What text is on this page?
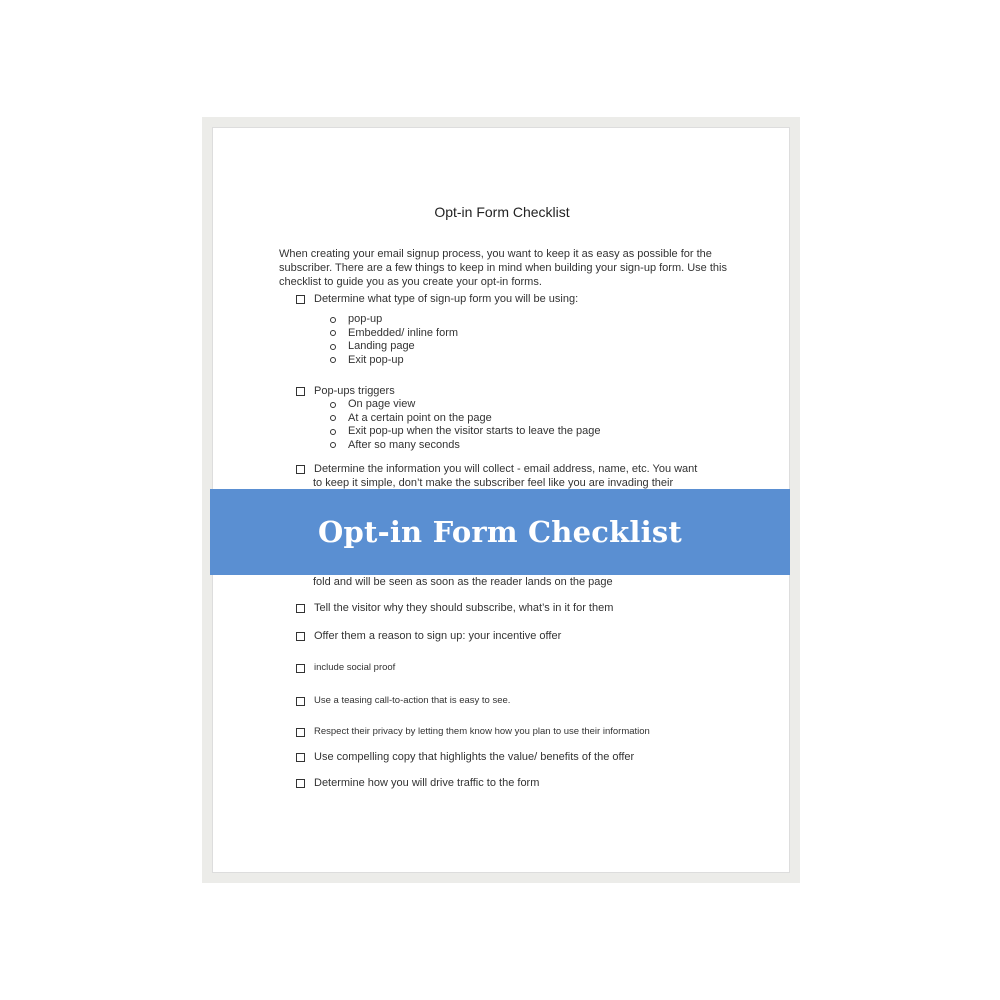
Opt-in Form Checklist

When creating your email signup process, you want to keep it as easy as possible for the subscriber. There are a few things to keep in mind when building your sign-up form. Use this checklist to guide you as you create your opt-in forms.

Determine what type of sign-up form you will be using:
pop-up
Embedded/ inline form
Landing page
Exit pop-up
Pop-ups triggers
On page view
At a certain point on the page
Exit pop-up when the visitor starts to leave the page
After so many seconds
Determine the information you will collect - email address, name, etc. You want
to keep it simple, don’t make the subscriber feel like you are invading their
fold and will be seen as soon as the reader lands on the page
Tell the visitor why they should subscribe, what’s in it for them
Offer them a reason to sign up: your incentive offer
include social proof
Use a teasing call-to-action that is easy to see.
Respect their privacy by letting them know how you plan to use their information
Use compelling copy that highlights the value/ benefits of the offer
Determine how you will drive traffic to the form
Opt-in Form Checklist
